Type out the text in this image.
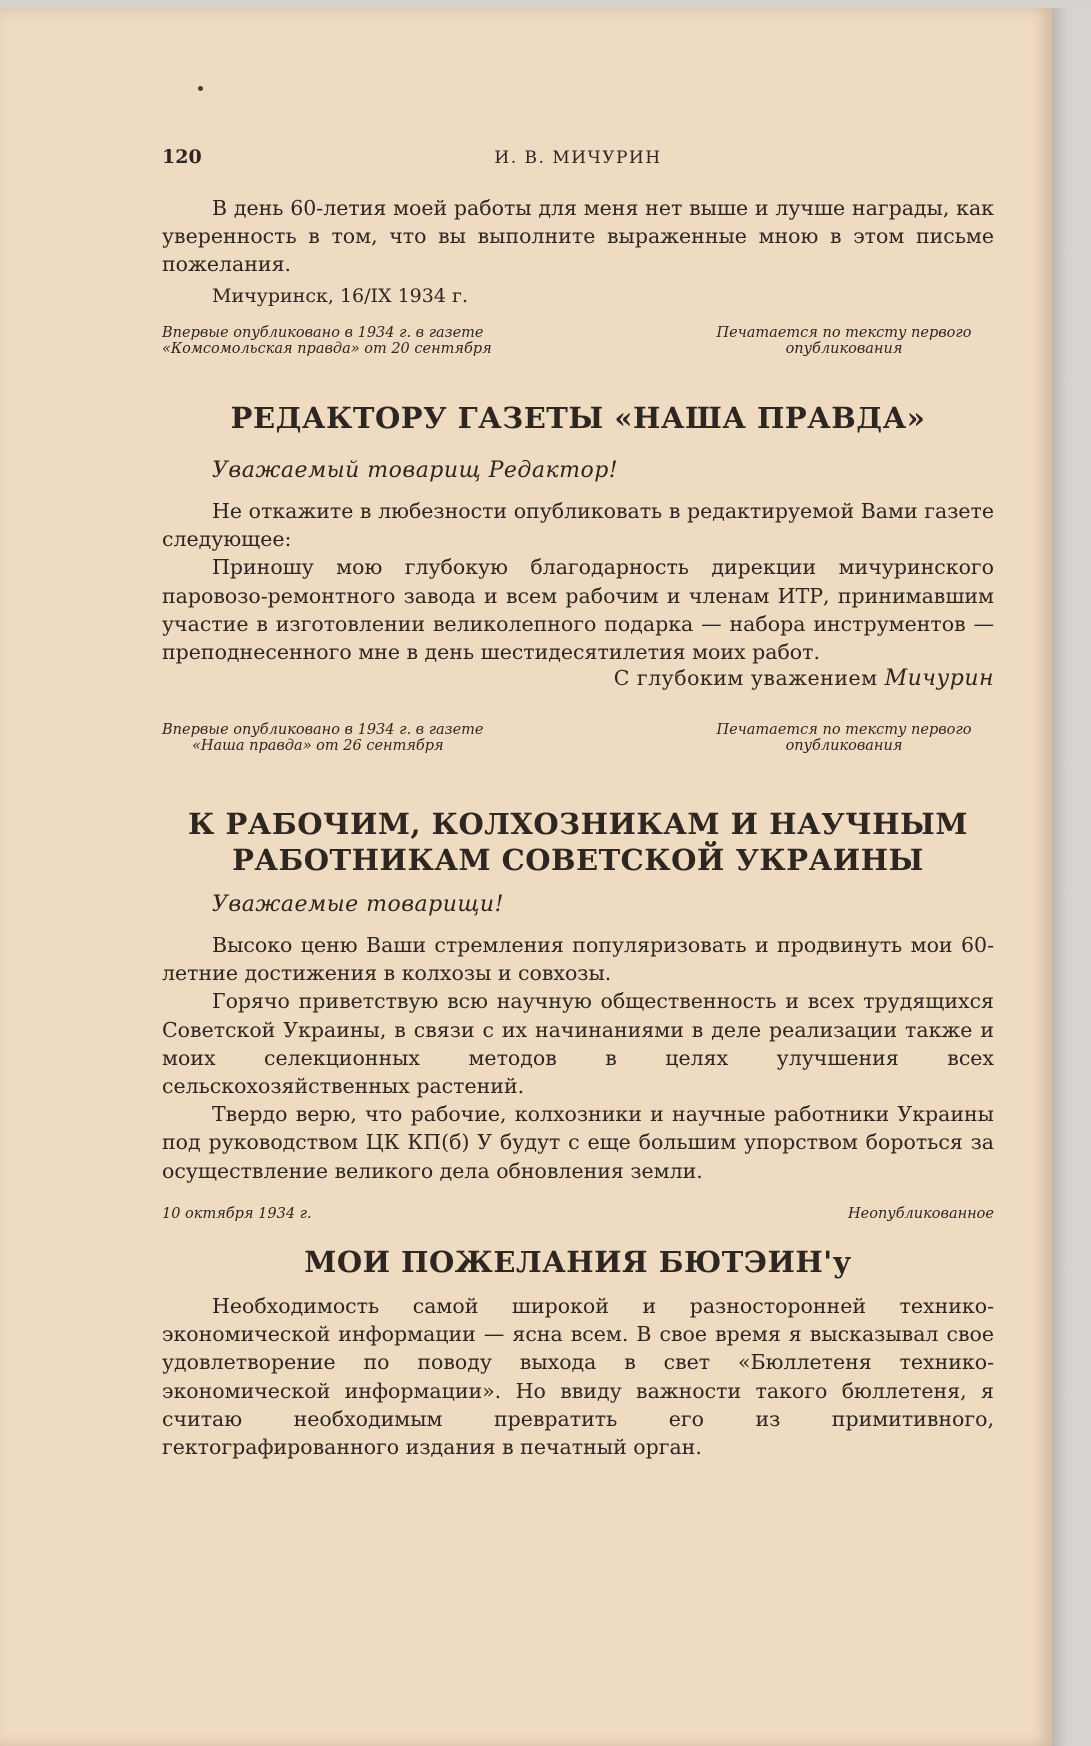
120	И. В. МИЧУРИН

В день 60-летия моей работы для меня нет выше и лучше награды, как уверенность в том, что вы выполните выраженные мною в этом письме пожелания.

Мичуринск, 16/IX 1934 г.
Впервые опубликовано в 1934 г. в газете
«Комсомольская правда» от 20 сентября
Печатается по тексту первого
опубликования
РЕДАКТОРУ ГАЗЕТЫ «НАША ПРАВДА»
Уважаемый товарищ Редактор!

Не откажите в любезности опубликовать в редактируемой Вами газете следующее:

Приношу мою глубокую благодарность дирекции мичуринского паровозо-ремонтного завода и всем рабочим и членам ИТР, принимавшим участие в изготовлении великолепного подарка — набора инструментов — преподнесенного мне в день шестидесятилетия моих работ.

С глубоким уважением Мичурин
Впервые опубликовано в 1934 г. в газете
«Наша правда» от 26 сентября
Печатается по тексту первого
опубликования
К РАБОЧИМ, КОЛХОЗНИКАМ И НАУЧНЫМ
РАБОТНИКАМ СОВЕТСКОЙ УКРАИНЫ
Уважаемые товарищи!

Высоко ценю Ваши стремления популяризовать и продвинуть мои 60-летние достижения в колхозы и совхозы.

Горячо приветствую всю научную общественность и всех трудящихся Советской Украины, в связи с их начинаниями в деле реализации также и моих селекционных методов в целях улучшения всех сельскохозяйственных растений.

Твердо верю, что рабочие, колхозники и научные работники Украины под руководством ЦК КП(б) У будут с еще большим упорством бороться за осуществление великого дела обновления земли.

10 октября 1934 г.	Неопубликованное
МОИ ПОЖЕЛАНИЯ БЮТЭИН'у

Необходимость самой широкой и разносторонней технико-экономической информации — ясна всем. В свое время я высказывал свое удовлетворение по поводу выхода в свет «Бюллетеня технико-экономической информации». Но ввиду важности такого бюллетеня, я считаю необходимым превратить его из примитивного, гектографированного издания в печатный орган.
